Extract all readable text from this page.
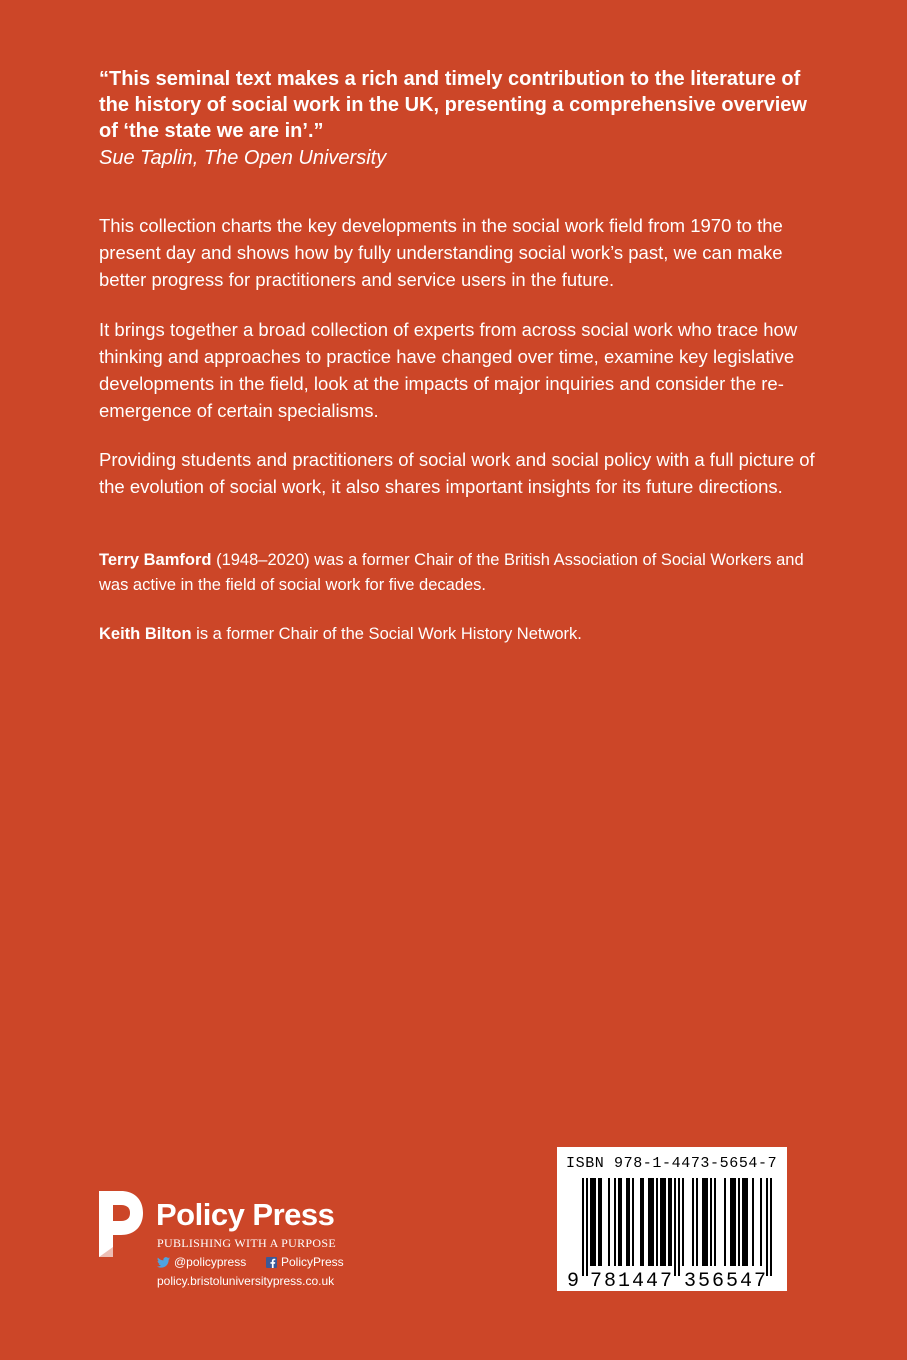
“This seminal text makes a rich and timely contribution to the literature of the history of social work in the UK, presenting a comprehensive overview of ‘the state we are in’.”
Sue Taplin, The Open University
This collection charts the key developments in the social work field from 1970 to the present day and shows how by fully understanding social work’s past, we can make better progress for practitioners and service users in the future.
It brings together a broad collection of experts from across social work who trace how thinking and approaches to practice have changed over time, examine key legislative developments in the field, look at the impacts of major inquiries and consider the re-emergence of certain specialisms.
Providing students and practitioners of social work and social policy with a full picture of the evolution of social work, it also shares important insights for its future directions.
Terry Bamford (1948–2020) was a former Chair of the British Association of Social Workers and was active in the field of social work for five decades.
Keith Bilton is a former Chair of the Social Work History Network.
Policy Press
PUBLISHING WITH A PURPOSE
@policypress	PolicyPress
policy.bristoluniversitypress.co.uk
ISBN 978-1-4473-5654-7
9 7 8 1 4 4 7 3 5 6 5 4 7
